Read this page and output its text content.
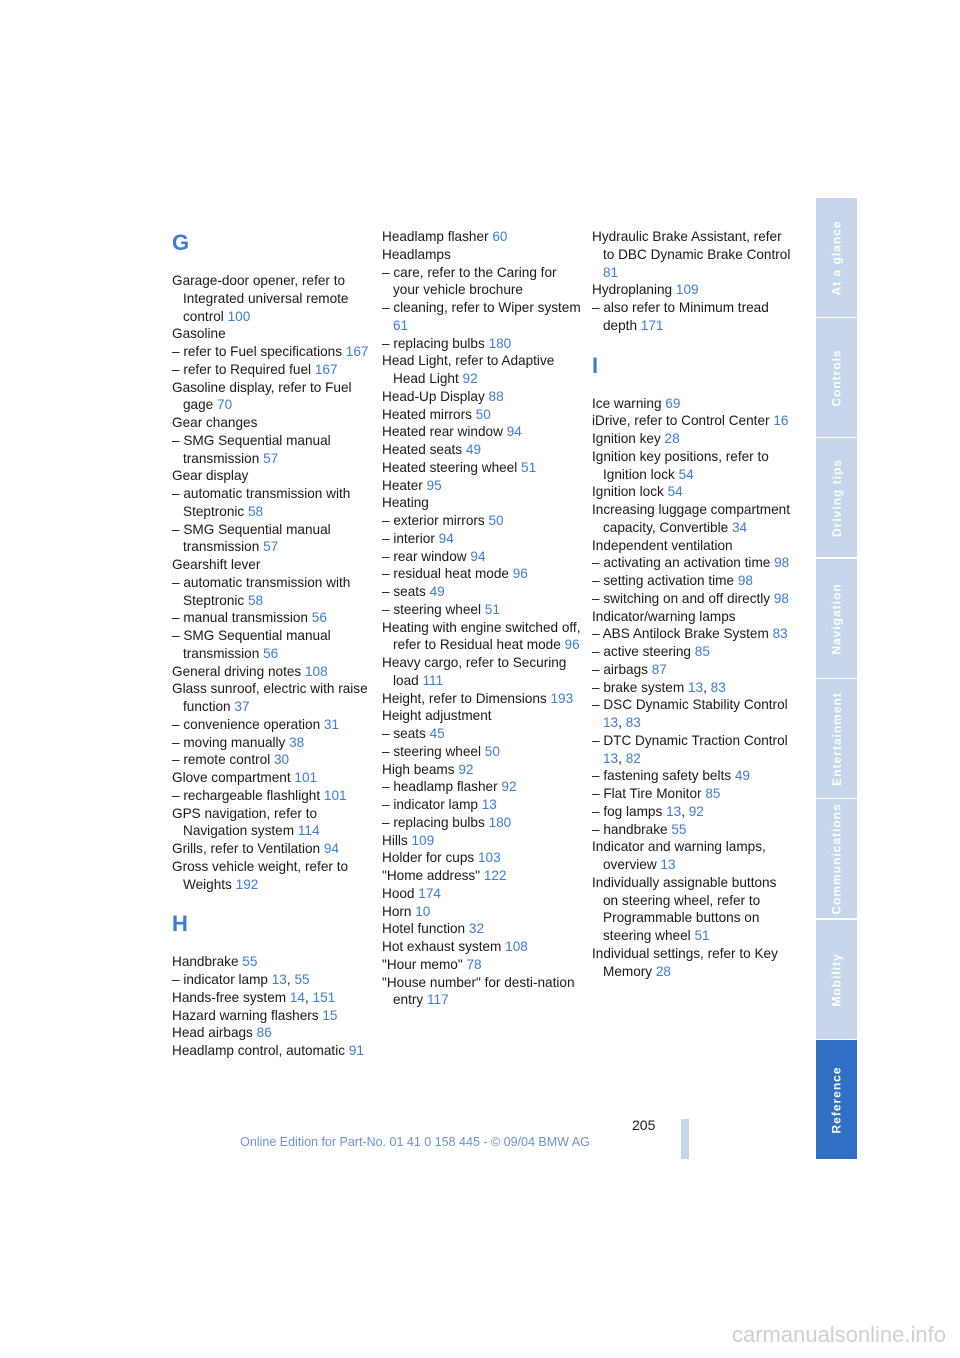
G
Garage-door opener, refer to Integrated universal remote control 100
Gasoline
– refer to Fuel specifications 167
– refer to Required fuel 167
Gasoline display, refer to Fuel gage 70
Gear changes
– SMG Sequential manual transmission 57
Gear display
– automatic transmission with Steptronic 58
– SMG Sequential manual transmission 57
Gearshift lever
– automatic transmission with Steptronic 58
– manual transmission 56
– SMG Sequential manual transmission 56
General driving notes 108
Glass sunroof, electric with raise function 37
– convenience operation 31
– moving manually 38
– remote control 30
Glove compartment 101
– rechargeable flashlight 101
GPS navigation, refer to Navigation system 114
Grills, refer to Ventilation 94
Gross vehicle weight, refer to Weights 192
H
Handbrake 55
– indicator lamp 13, 55
Hands-free system 14, 151
Hazard warning flashers 15
Head airbags 86
Headlamp control, automatic 91
Headlamp flasher 60
Headlamps
– care, refer to the Caring for your vehicle brochure
– cleaning, refer to Wiper system 61
– replacing bulbs 180
Head Light, refer to Adaptive Head Light 92
Head-Up Display 88
Heated mirrors 50
Heated rear window 94
Heated seats 49
Heated steering wheel 51
Heater 95
Heating
– exterior mirrors 50
– interior 94
– rear window 94
– residual heat mode 96
– seats 49
– steering wheel 51
Heating with engine switched off, refer to Residual heat mode 96
Heavy cargo, refer to Securing load 111
Height, refer to Dimensions 193
Height adjustment
– seats 45
– steering wheel 50
High beams 92
– headlamp flasher 92
– indicator lamp 13
– replacing bulbs 180
Hills 109
Holder for cups 103
"Home address" 122
Hood 174
Horn 10
Hotel function 32
Hot exhaust system 108
"Hour memo" 78
"House number" for desti-nation entry 117
Hydraulic Brake Assistant, refer to DBC Dynamic Brake Control 81
Hydroplaning 109
– also refer to Minimum tread depth 171
I
Ice warning 69
iDrive, refer to Control Center 16
Ignition key 28
Ignition key positions, refer to Ignition lock 54
Ignition lock 54
Increasing luggage compartment capacity, Convertible 34
Independent ventilation
– activating an activation time 98
– setting activation time 98
– switching on and off directly 98
Indicator/warning lamps
– ABS Antilock Brake System 83
– active steering 85
– airbags 87
– brake system 13, 83
– DSC Dynamic Stability Control 13, 83
– DTC Dynamic Traction Control 13, 82
– fastening safety belts 49
– Flat Tire Monitor 85
– fog lamps 13, 92
– handbrake 55
Indicator and warning lamps, overview 13
Individually assignable buttons on steering wheel, refer to Programmable buttons on steering wheel 51
Individual settings, refer to Key Memory 28
At a glance
Controls
Driving tips
Navigation
Entertainment
Communications
Mobility
Reference
205
Online Edition for Part-No. 01 41 0 158 445 - © 09/04 BMW AG
carmanualsonline.info
